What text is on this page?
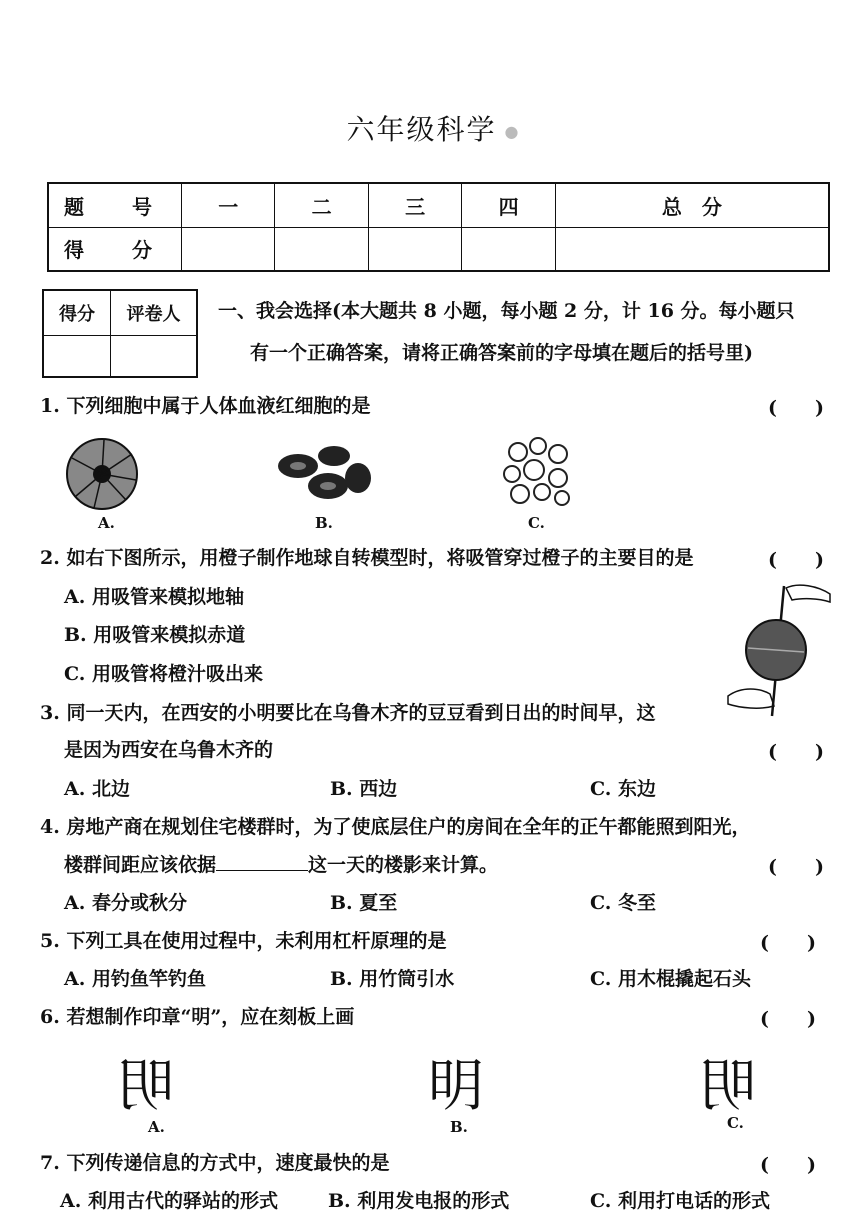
六年级科学 ●
题　号	一	二	三	四	总　分
得　分					
得分	评卷人
	一、我会选择(本大题共 8 小题，每小题 2 分，计 16 分。每小题只
有一个正确答案，请将正确答案前的字母填在题后的括号里)
1. 下列细胞中属于人体血液红细胞的是	(　　)
A.	B.	C.
2. 如右下图所示，用橙子制作地球自转模型时，将吸管穿过橙子的主要目的是	(　　)
A. 用吸管来模拟地轴
B. 用吸管来模拟赤道
C. 用吸管将橙汁吸出来
3. 同一天内，在西安的小明要比在乌鲁木齐的豆豆看到日出的时间早，这
是因为西安在乌鲁木齐的	(　　)
A. 北边	B. 西边	C. 东边
4. 房地产商在规划住宅楼群时，为了使底层住户的房间在全年的正午都能照到阳光，
楼群间距应该依据	这一天的楼影来计算。	(　　)
A. 春分或秋分	B. 夏至	C. 冬至
5. 下列工具在使用过程中，未利用杠杆原理的是	(　　)
A. 用钓鱼竿钓鱼	B. 用竹筒引水	C. 用木棍撬起石头
6. 若想制作印章“明”，应在刻板上画	(　　)
明	明	明
A.	B.	C.
7. 下列传递信息的方式中，速度最快的是	(　　)
A. 利用古代的驿站的形式	B. 利用发电报的形式	C. 利用打电话的形式
